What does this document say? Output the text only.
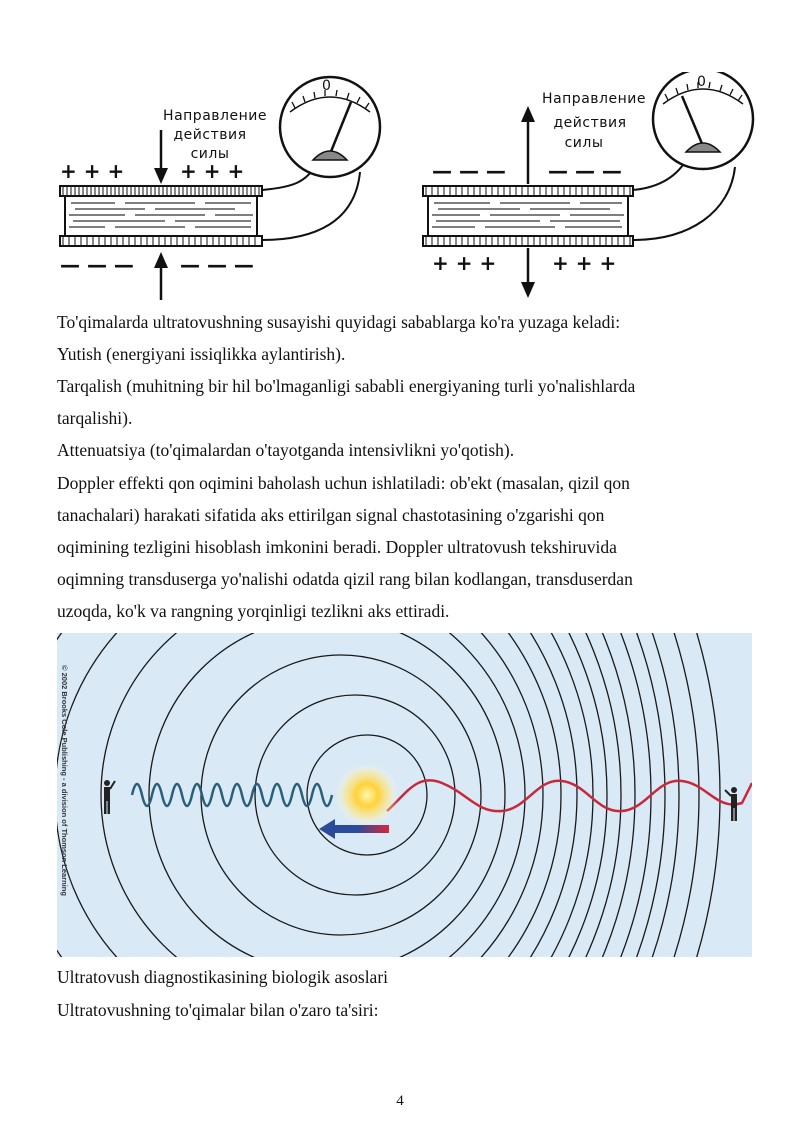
Направление
действия
силы
+ + +	+ + +
— — — — — —
0
Направление
действия
силы
— — — — — —
+ + +	+ + +
0
To'qimalarda ultratovushning susayishi quyidagi sabablarga ko'ra yuzaga keladi:
Yutish (energiyani issiqlikka aylantirish).
Tarqalish (muhitning bir hil bo'lmaganligi sababli energiyaning turli yo'nalishlarda
tarqalishi).
Attenuatsiya (to'qimalardan o'tayotganda intensivlikni yo'qotish).
Doppler effekti qon oqimini baholash uchun ishlatiladi: ob'ekt (masalan, qizil qon
tanachalari) harakati sifatida aks ettirilgan signal chastotasining o'zgarishi qon
oqimining tezligini hisoblash imkonini beradi. Doppler ultratovush tekshiruvida
oqimning transduserga yo'nalishi odatda qizil rang bilan kodlangan, transduserdan
uzoqda, ko'k va rangning yorqinligi tezlikni aks ettiradi.
© 2002 Brooks Cole Publishing - a division of Thomson Learning
Ultratovush diagnostikasining biologik asoslari
Ultratovushning to'qimalar bilan o'zaro ta'siri:
4
